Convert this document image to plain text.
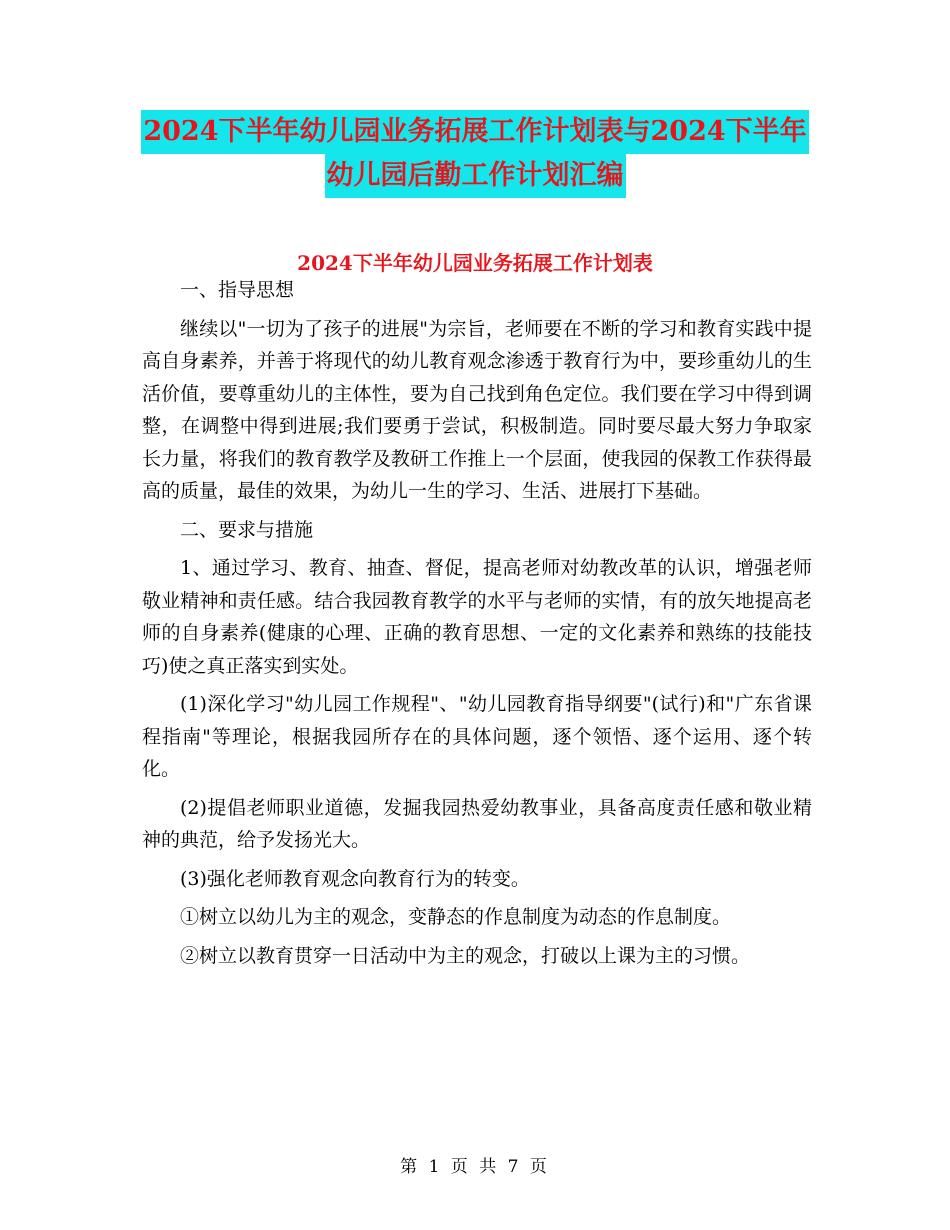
2024下半年幼儿园业务拓展工作计划表与2024下半年
幼儿园后勤工作计划汇编
2024下半年幼儿园业务拓展工作计划表

一、指导思想

继续以"一切为了孩子的进展"为宗旨，老师要在不断的学习和教育实践中提高自身素养，并善于将现代的幼儿教育观念渗透于教育行为中，要珍重幼儿的生活价值，要尊重幼儿的主体性，要为自己找到角色定位。我们要在学习中得到调整，在调整中得到进展;我们要勇于尝试，积极制造。同时要尽最大努力争取家长力量，将我们的教育教学及教研工作推上一个层面，使我园的保教工作获得最高的质量，最佳的效果，为幼儿一生的学习、生活、进展打下基础。

二、要求与措施

1、通过学习、教育、抽查、督促，提高老师对幼教改革的认识，增强老师敬业精神和责任感。结合我园教育教学的水平与老师的实情，有的放矢地提高老师的自身素养(健康的心理、正确的教育思想、一定的文化素养和熟练的技能技巧)使之真正落实到实处。

(1)深化学习"幼儿园工作规程"、"幼儿园教育指导纲要"(试行)和"广东省课程指南"等理论，根据我园所存在的具体问题，逐个领悟、逐个运用、逐个转化。

(2)提倡老师职业道德，发掘我园热爱幼教事业，具备高度责任感和敬业精神的典范，给予发扬光大。

(3)强化老师教育观念向教育行为的转变。

①树立以幼儿为主的观念，变静态的作息制度为动态的作息制度。

②树立以教育贯穿一日活动中为主的观念，打破以上课为主的习惯。

第 1 页 共 7 页
